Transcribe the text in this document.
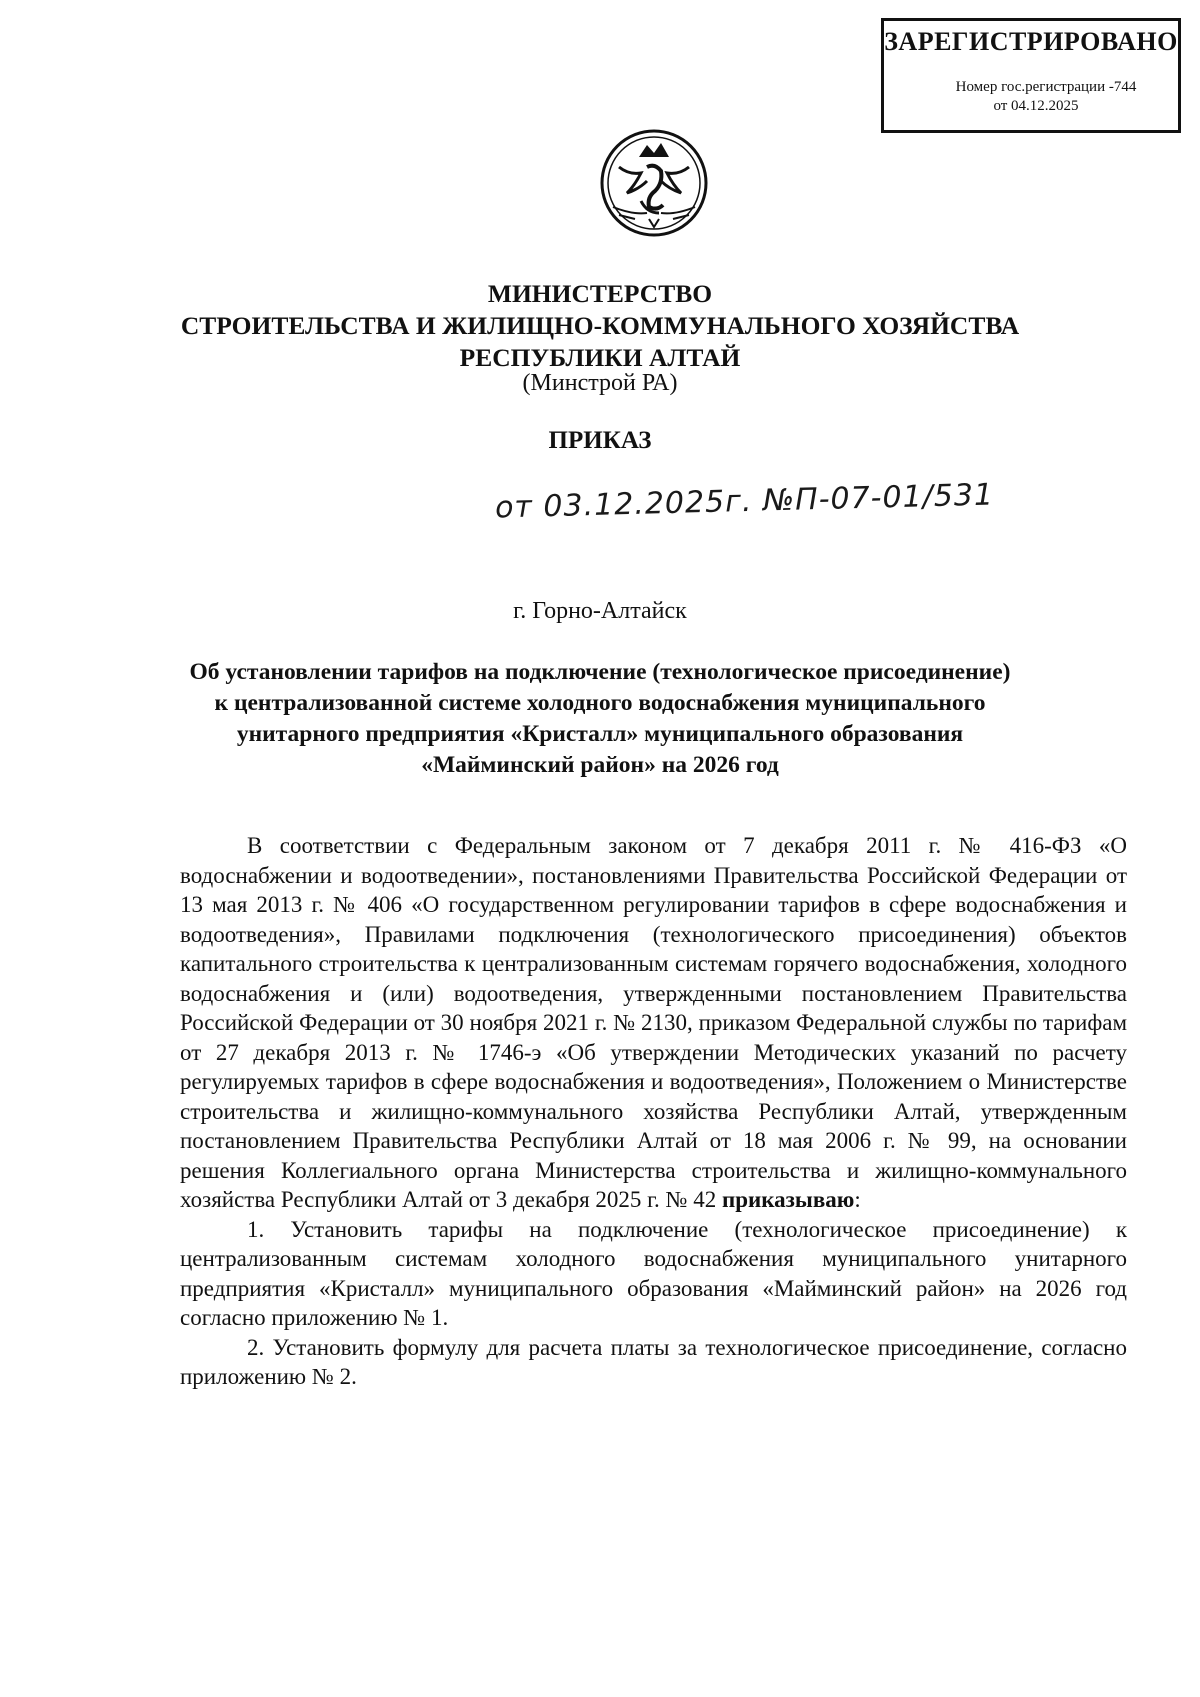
ЗАРЕГИСТРИРОВАНО
Номер гос.регистрации -744
от 04.12.2025
МИНИСТЕРСТВО
СТРОИТЕЛЬСТВА И ЖИЛИЩНО-КОММУНАЛЬНОГО ХОЗЯЙСТВА
РЕСПУБЛИКИ АЛТАЙ
(Минстрой РА)
ПРИКАЗ
от 03.12.2025г. №П-07-01/531
г. Горно-Алтайск
Об установлении тарифов на подключение (технологическое присоединение)
к централизованной системе холодного водоснабжения муниципального
унитарного предприятия «Кристалл» муниципального образования
«Майминский район» на 2026 год

В соответствии с Федеральным законом от 7 декабря 2011 г. № 416-ФЗ «О водоснабжении и водоотведении», постановлениями Правительства Российской Федерации от 13 мая 2013 г. № 406 «О государственном регулировании тарифов в сфере водоснабжения и водоотведения», Правилами подключения (технологического присоединения) объектов капитального строительства к централизованным системам горячего водоснабжения, холодного водоснабжения и (или) водоотведения, утвержденными постановлением Правительства Российской Федерации от 30 ноября 2021 г. № 2130, приказом Федеральной службы по тарифам от 27 декабря 2013 г. № 1746-э «Об утверждении Методических указаний по расчету регулируемых тарифов в сфере водоснабжения и водоотведения», Положением о Министерстве строительства и жилищно-коммунального хозяйства Республики Алтай, утвержденным постановлением Правительства Республики Алтай от 18 мая 2006 г. № 99, на основании решения Коллегиального органа Министерства строительства и жилищно-коммунального хозяйства Республики Алтай от 3 декабря 2025 г. № 42 приказываю:

1. Установить тарифы на подключение (технологическое присоединение) к централизованным системам холодного водоснабжения муниципального унитарного предприятия «Кристалл» муниципального образования «Майминский район» на 2026 год согласно приложению № 1.

2. Установить формулу для расчета платы за технологическое присоединение, согласно приложению № 2.
